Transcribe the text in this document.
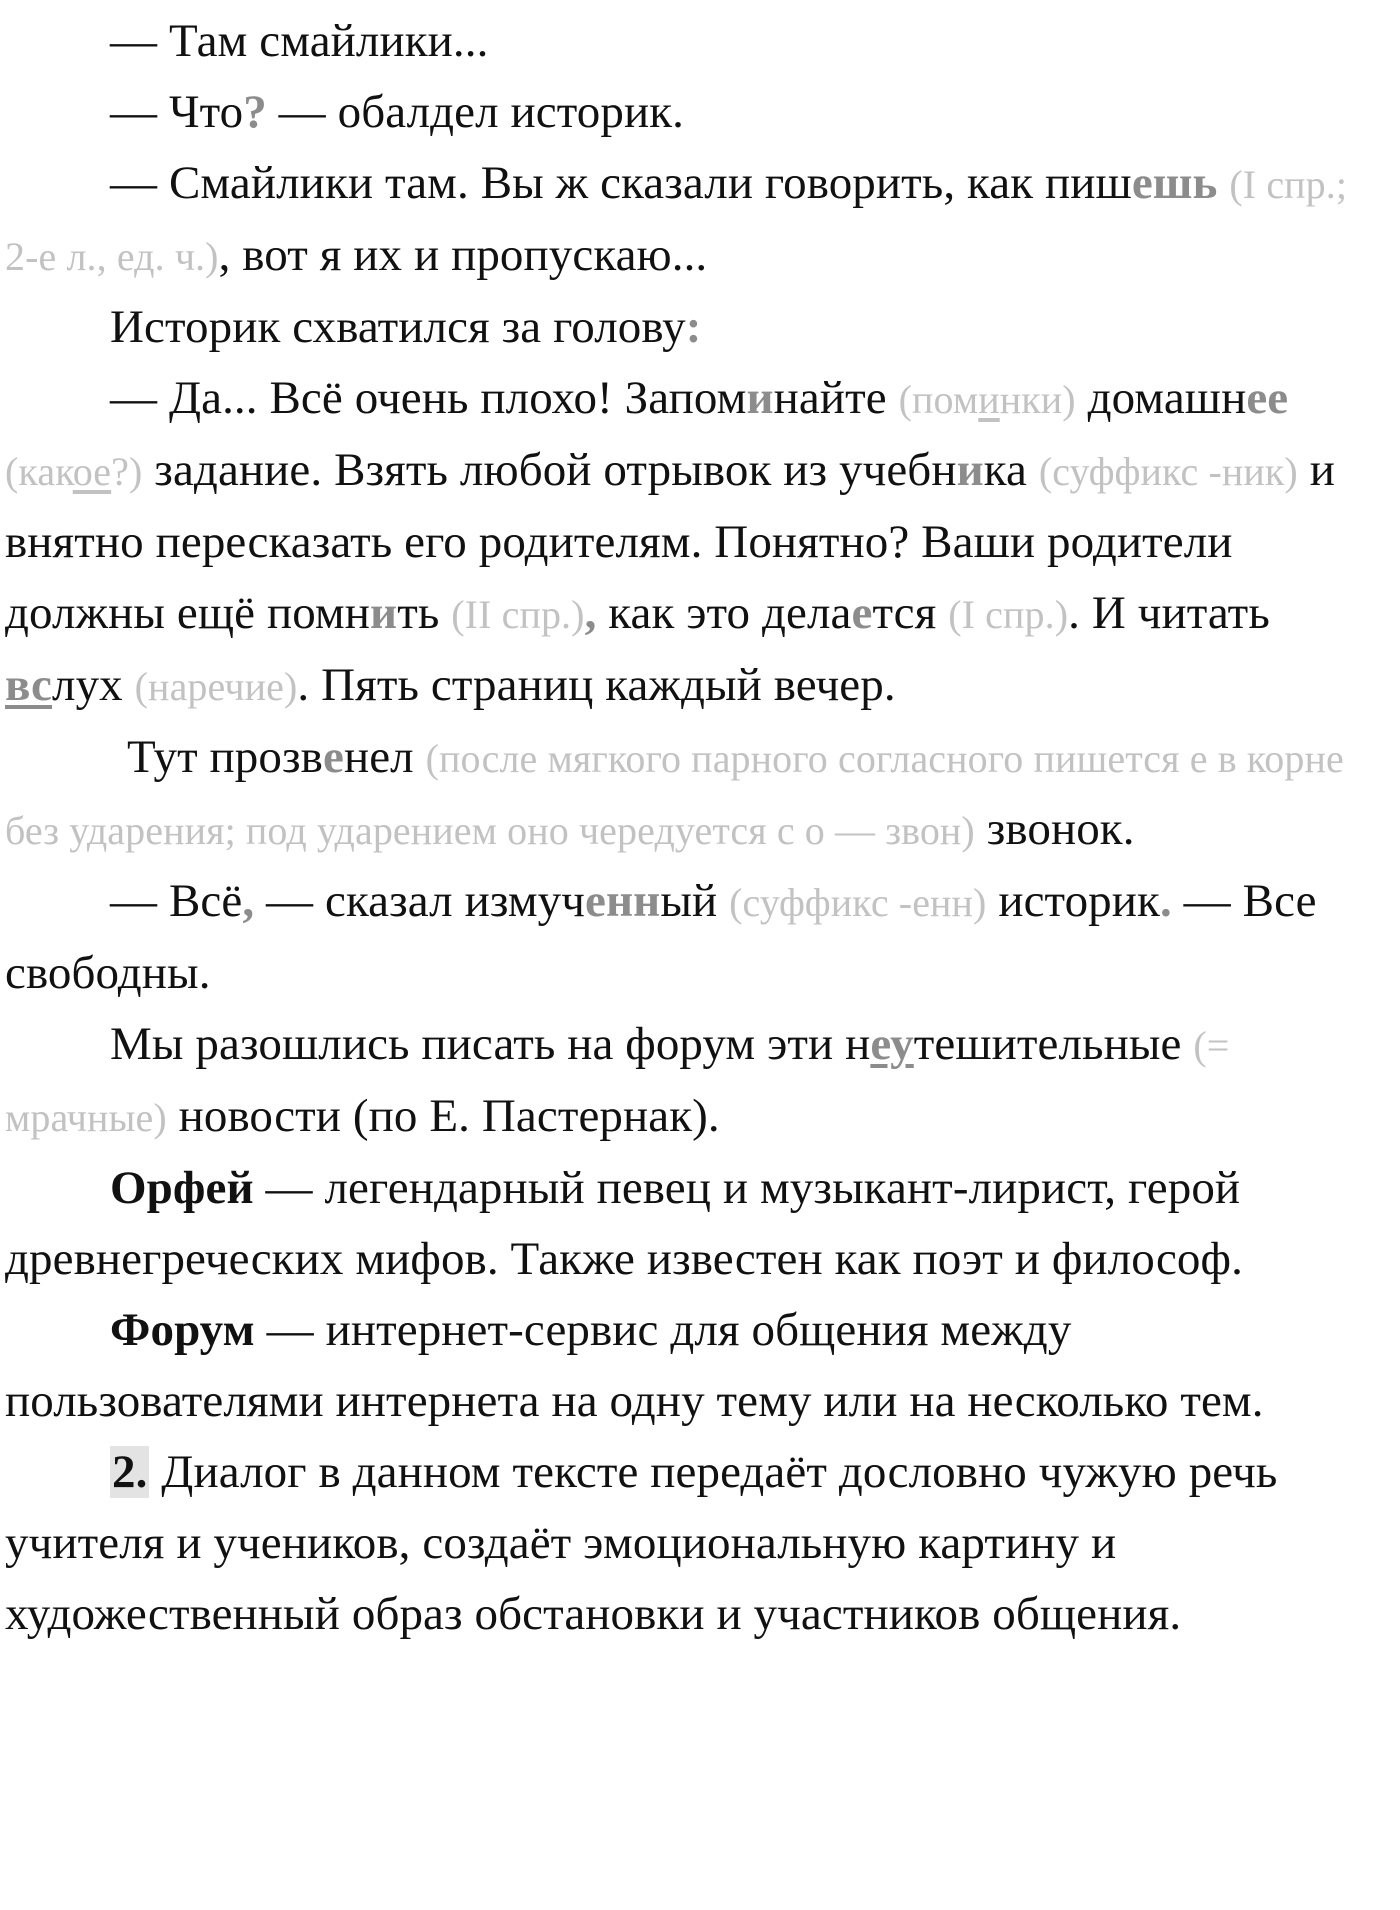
— Там смайлики...

— Что? — обалдел историк.

— Смайлики там. Вы ж сказали говорить, как пишешь (I спр.; 2-е л., ед. ч.), вот я их и пропускаю...

Историк схватился за голову:

— Да... Всё очень плохо! Запоминайте (поминки) домашнее (какое?) задание. Взять любой отрывок из учебника (суффикс -ник) и внятно пересказать его родителям. Понятно? Ваши родители должны ещё помнить (II спр.), как это делается (I спр.). И читать вслух (наречие). Пять страниц каждый вечер.

Тут прозвенел (после мягкого парного согласного пишется е в корне без ударения; под ударением оно чередуется с о — звон) звонок.

— Всё, — сказал измученный (суффикс -енн) историк. — Все свободны.

Мы разошлись писать на форум эти неутешительные (= мрачные) новости (по Е. Пастернак).

Орфей — легендарный певец и музыкант-лирист, герой древнегреческих мифов. Также известен как поэт и философ.

Форум — интернет-сервис для общения между пользователями интернета на одну тему или на несколько тем.

2. Диалог в данном тексте передаёт дословно чужую речь учителя и учеников, создаёт эмоциональную картину и художественный образ обстановки и участников общения.
